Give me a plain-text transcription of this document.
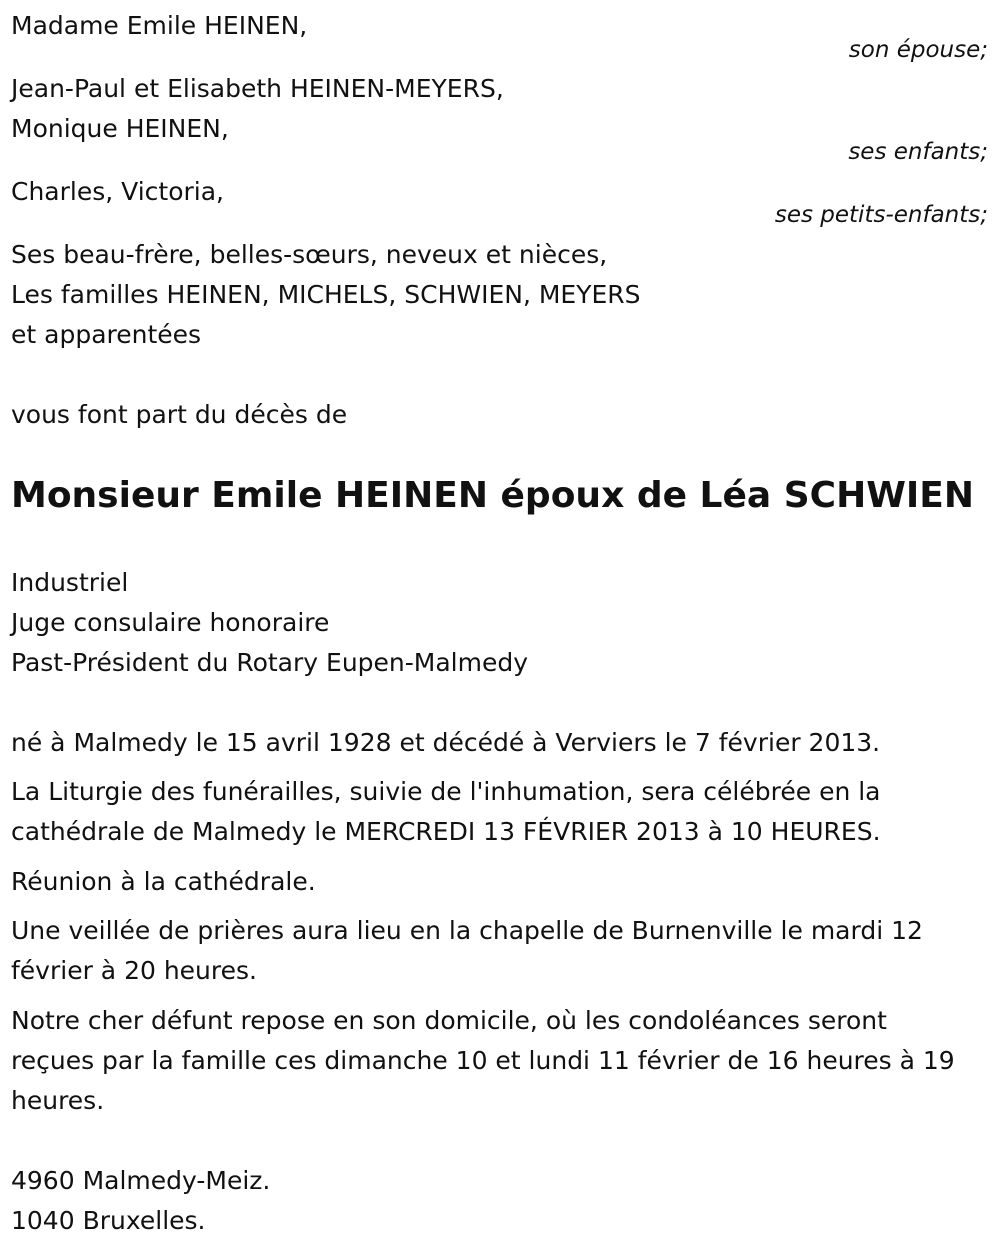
Madame Emile HEINEN,
son épouse;
Jean-Paul et Elisabeth HEINEN-MEYERS,
Monique HEINEN,
ses enfants;
Charles, Victoria,
ses petits-enfants;
Ses beau-frère, belles-sœurs, neveux et nièces,
Les familles HEINEN, MICHELS, SCHWIEN, MEYERS
et apparentées
vous font part du décès de
Monsieur Emile HEINEN époux de Léa SCHWIEN
Industriel
Juge consulaire honoraire
Past-Président du Rotary Eupen-Malmedy
né à Malmedy le 15 avril 1928 et décédé à Verviers le 7 février 2013.
La Liturgie des funérailles, suivie de l'inhumation, sera célébrée en la
cathédrale de Malmedy le MERCREDI 13 FÉVRIER 2013 à 10 HEURES.
Réunion à la cathédrale.
Une veillée de prières aura lieu en la chapelle de Burnenville le mardi 12
février à 20 heures.
Notre cher défunt repose en son domicile, où les condoléances seront
reçues par la famille ces dimanche 10 et lundi 11 février de 16 heures à 19
heures.
4960 Malmedy-Meiz.
1040 Bruxelles.
